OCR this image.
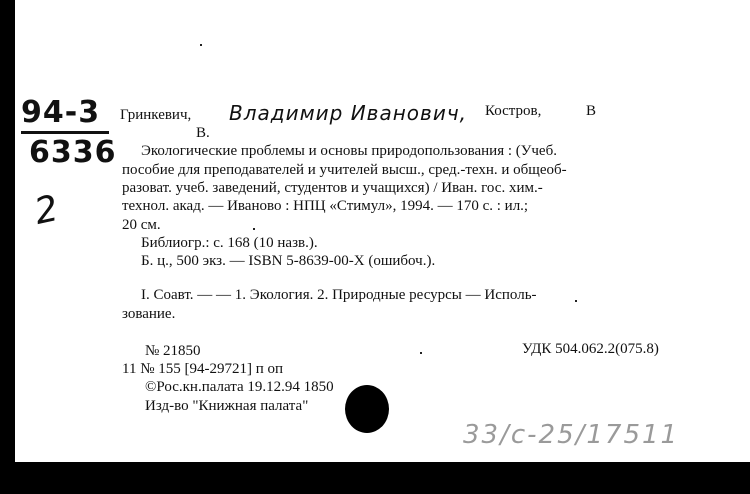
94-3
6336
2
Гринкевич, Владимир Иванович, Костров,	В
В.
Экологические проблемы и основы природопользования : (Учеб.
пособие для преподавателей и учителей высш., сред.-техн. и общеоб-
разоват. учеб. заведений, студентов и учащихся) / Иван. гос. хим.-
технол. акад. — Иваново : НПЦ «Стимул», 1994. — 170 с. : ил.;
20 см.
Библиогр.: с. 168 (10 назв.).
Б. ц., 500 экз. — ISBN 5-8639-00-X (ошибоч.).
I. Соавт. — — 1. Экология. 2. Природные ресурсы — Исполь-
зование.
№ 21850	УДК 504.062.2(075.8)
11 № 155 [94-29721] п оп
©Рос.кн.палата 19.12.94 1850
Изд-во "Книжная палата"
33/с-25/17511
